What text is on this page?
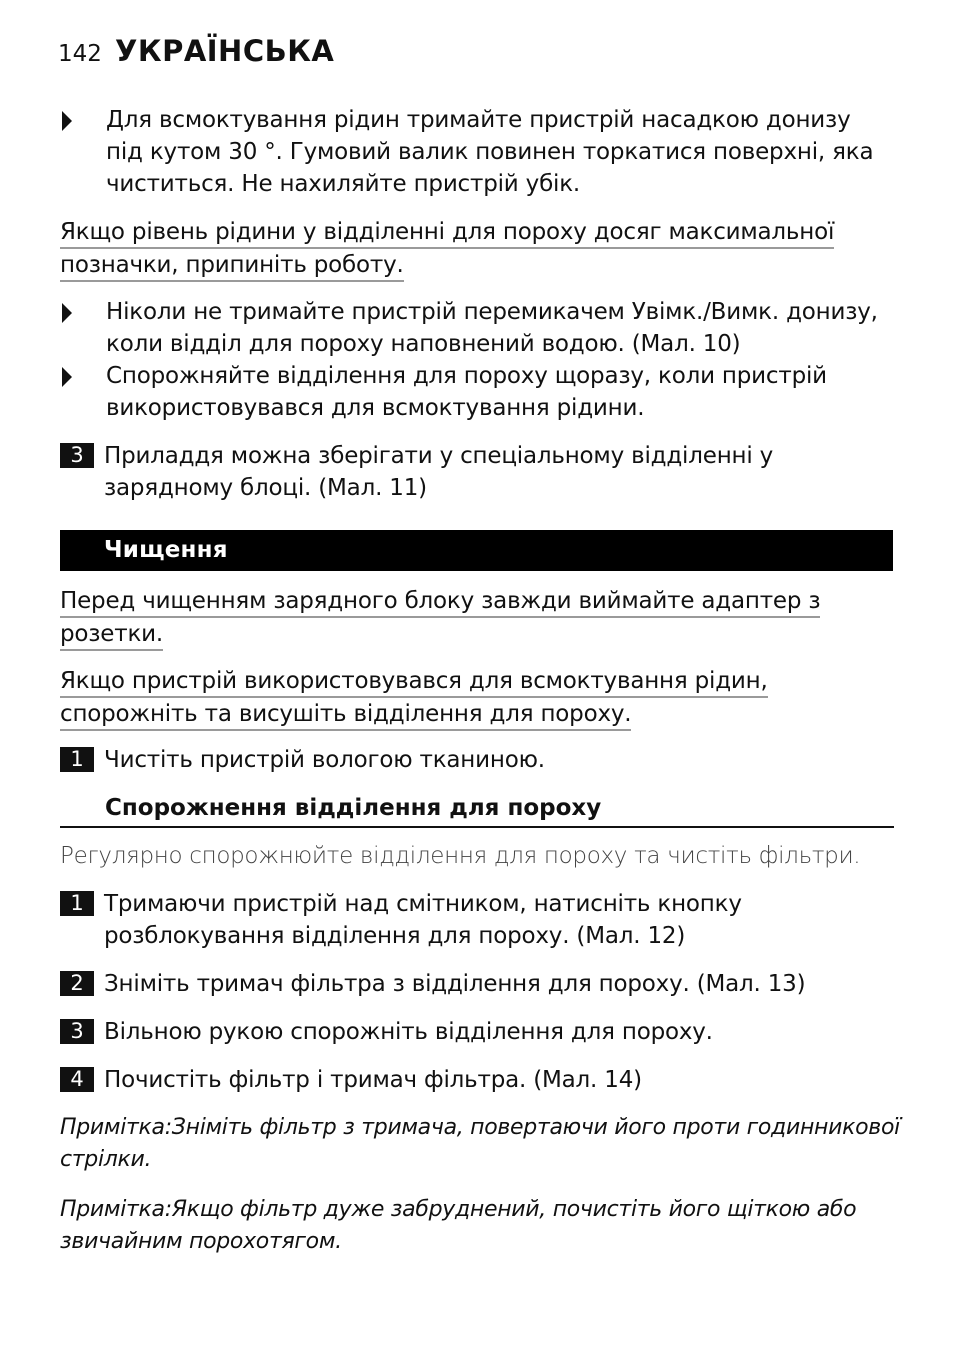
142 УКРАЇНСЬКА
Для всмоктування рідин тримайте пристрій насадкою донизу під кутом 30 °. Гумовий валик повинен торкатися поверхні, яка чиститься. Не нахиляйте пристрій убік.
Якщо рівень рідини у відділенні для пороху досяг максимальної
позначки, припиніть роботу.
Ніколи не тримайте пристрій перемикачем Увімк./Вимк. донизу, коли відділ для пороху наповнений водою. (Мал. 10)
Спорожняйте відділення для пороху щоразу, коли пристрій використовувався для всмоктування рідини.
3 Приладдя можна зберігати у спеціальному відділенні у зарядному блоці. (Мал. 11)
Чищення
Перед чищенням зарядного блоку завжди виймайте адаптер з
розетки.
Якщо пристрій використовувався для всмоктування рідин,
спорожніть та висушіть відділення для пороху.
1 Чистіть пристрій вологою тканиною.
Спорожнення відділення для пороху
Регулярно спорожнюйте відділення для пороху та чистіть фільтри.
1 Тримаючи пристрій над смітником, натисніть кнопку розблокування відділення для пороху. (Мал. 12)
2 Зніміть тримач фільтра з відділення для пороху. (Мал. 13)
3 Вільною рукою спорожніть відділення для пороху.
4 Почистіть фільтр і тримач фільтра. (Мал. 14)
Примітка:Зніміть фільтр з тримача, повертаючи його проти годинникової стрілки.
Примітка:Якщо фільтр дуже забруднений, почистіть його щіткою або звичайним порохотягом.
